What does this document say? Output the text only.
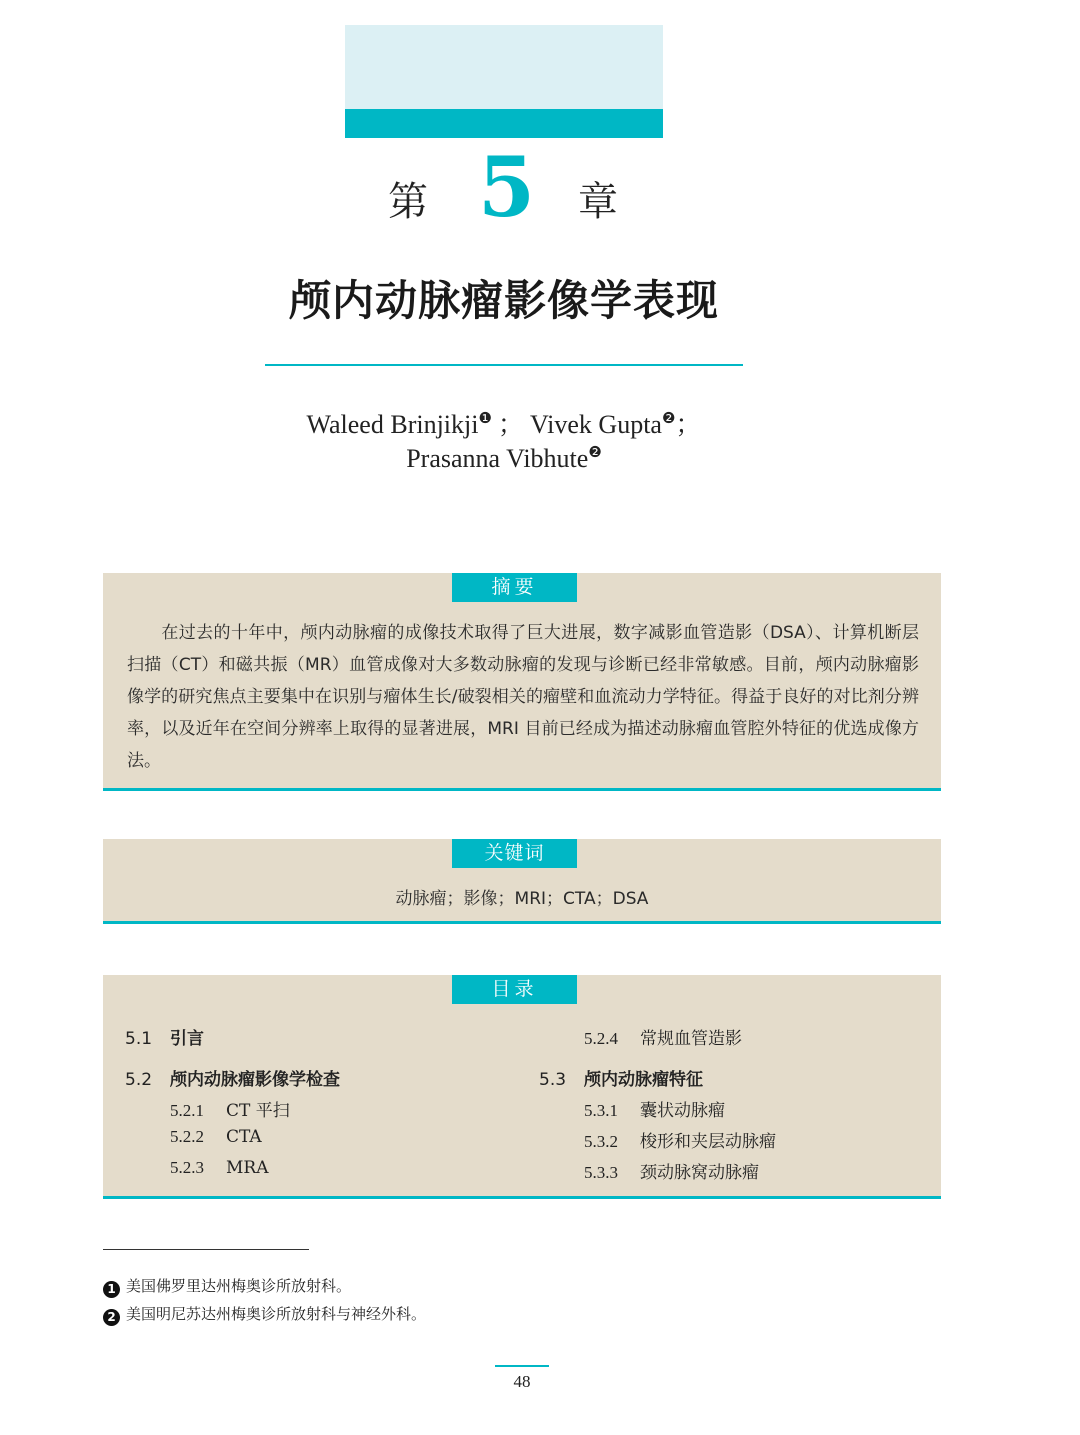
第 5 章
颅内动脉瘤影像学表现
Waleed Brinjikji$^❶$ ； Vivek Gupta$^❷$；
Prasanna Vibhute$^❷$
摘要
在过去的十年中，颅内动脉瘤的成像技术取得了巨大进展，数字减影血管造影（DSA）、计算机断层扫描（CT）和磁共振（MR）血管成像对大多数动脉瘤的发现与诊断已经非常敏感。目前，颅内动脉瘤影像学的研究焦点主要集中在识别与瘤体生长/破裂相关的瘤壁和血流动力学特征。得益于良好的对比剂分辨率，以及近年在空间分辨率上取得的显著进展，MRI 目前已经成为描述动脉瘤血管腔外特征的优选成像方法。
关键词
动脉瘤；影像；MRI；CTA；DSA
目录
5.1 引言
5.2 颅内动脉瘤影像学检查
5.2.1 CT 平扫
5.2.2 CTA
5.2.3 MRA
5.2.4 常规血管造影
5.3 颅内动脉瘤特征
5.3.1 囊状动脉瘤
5.3.2 梭形和夹层动脉瘤
5.3.3 颈动脉窝动脉瘤
1 美国佛罗里达州梅奥诊所放射科。
2 美国明尼苏达州梅奥诊所放射科与神经外科。
48
